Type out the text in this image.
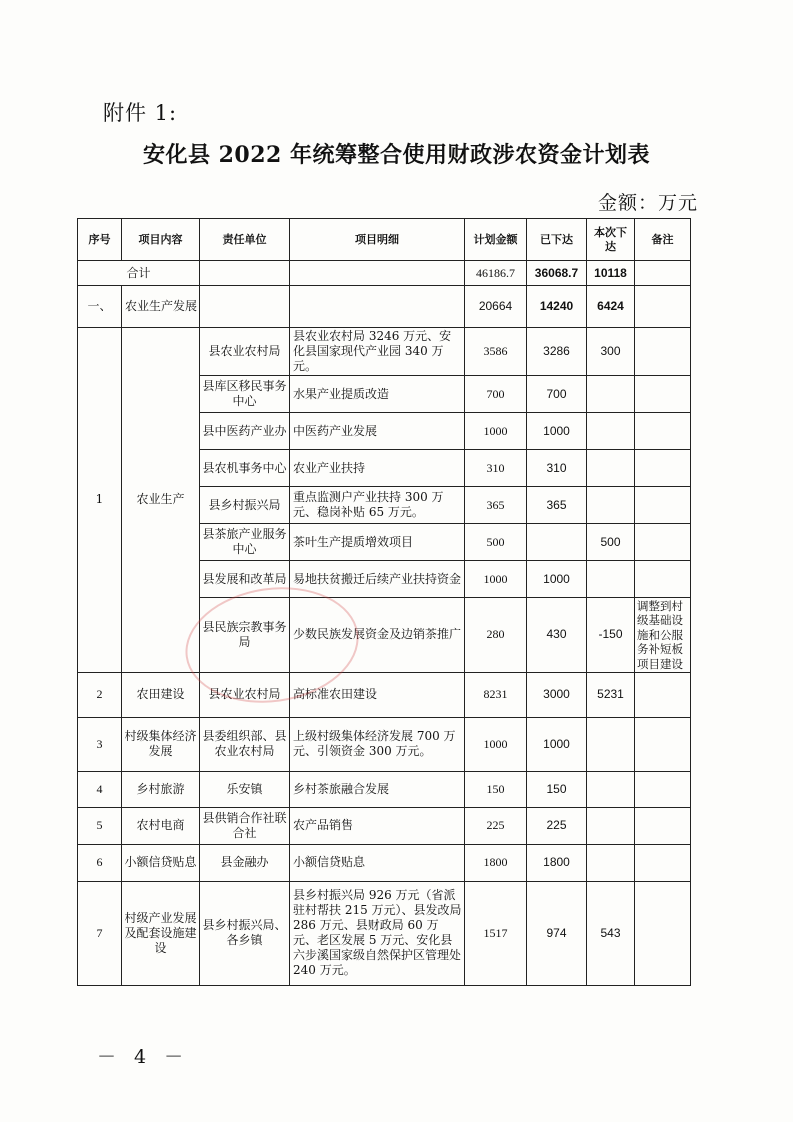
附件 1:
安化县 2022 年统筹整合使用财政涉农资金计划表
金额：万元
序号	项目内容	责任单位	项目明细	计划金额	已下达	本次下达	备注
合计				46186.7	36068.7	10118	
一、	农业生产发展			20664	14240	6424	
1	农业生产	县农业农村局	县农业农村局 3246 万元、安化县国家现代产业园 340 万元。	3586	3286	300	
		县库区移民事务中心	水果产业提质改造	700	700		
		县中医药产业办	中医药产业发展	1000	1000		
		县农机事务中心	农业产业扶持	310	310		
		县乡村振兴局	重点监测户产业扶持 300 万元、稳岗补贴 65 万元。	365	365		
		县茶旅产业服务中心	茶叶生产提质增效项目	500		500	
		县发展和改革局	易地扶贫搬迁后续产业扶持资金	1000	1000		
		县民族宗教事务局	少数民族发展资金及边销茶推广	280	430	-150	调整到村级基础设施和公服务补短板项目建设
2	农田建设	县农业农村局	高标准农田建设	8231	3000	5231	
3	村级集体经济发展	县委组织部、县农业农村局	上级村级集体经济发展 700 万元、引领资金 300 万元。	1000	1000		
4	乡村旅游	乐安镇	乡村茶旅融合发展	150	150		
5	农村电商	县供销合作社联合社	农产品销售	225	225		
6	小额信贷贴息	县金融办	小额信贷贴息	1800	1800		
7	村级产业发展及配套设施建设	县乡村振兴局、各乡镇	县乡村振兴局 926 万元（省派驻村帮扶 215 万元）、县发改局 286 万元、县财政局 60 万元、老区发展 5 万元、安化县六步溪国家级自然保护区管理处 240 万元。	1517	974	543	
－ 4 －
